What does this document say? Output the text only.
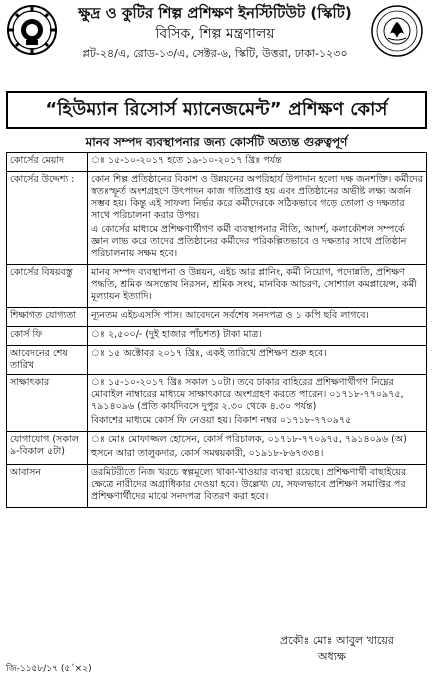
ক্ষুদ্র ও কুটির শিল্প প্রশিক্ষণ ইনস্টিটিউট (স্কিটি)
বিসিক, শিল্প মন্ত্রণালয়
প্লট-২৪/এ, রোড-১৩/এ, সেক্টর-৬, স্কিটি, উত্তরা, ঢাকা-১২৩০
“হিউম্যান রিসোর্স ম্যানেজমেন্ট” প্রশিক্ষণ কোর্স
মানব সম্পদ ব্যবস্থাপনার জন্য কোর্সটি অত্যন্ত গুরুত্বপূর্ণ
কোর্সের মেয়াদ	ঃ ১৫-১০-২০১৭ হতে ১৯-১০-২০১৭ খ্রিঃ পর্যন্ত

কোর্সের উদ্দেশ্য :	কোন শিল্প প্রতিষ্ঠানের বিকাশ ও উন্নয়নের অপরিহার্য উপাদান হলো দক্ষ জনশক্তি। কর্মীদের স্বতঃস্ফূর্ত অংশগ্রহণে উৎপাদন কাজ গতিপ্রাপ্ত হয় এবং প্রতিষ্ঠানের অভীষ্ট লক্ষ্য অর্জন সম্ভব হয়। কিন্তু এই সাফল্য নির্ভর করে কর্মীদেরকে সঠিকভাবে গড়ে তোলা ও দক্ষতার সাথে পরিচালনা করার উপর।
এ কোর্সের মাধ্যমে প্রশিক্ষণার্থীগণ কর্মী ব্যবস্থাপনার নীতি, আদর্শ, কলাকৌশল সম্পর্কে জ্ঞান লাভ করে তাদের প্রতিষ্ঠানের কর্মীদের পরিকল্পিতভাবে ও দক্ষতার সাথে প্রতিষ্ঠান পরিচালনায় সক্ষম হবে।

কোর্সের বিষয়বস্তু	মানব সম্পদ ব্যবস্থাপনা ও উন্নয়ন, এইচ আর প্লানিং, কর্মী নিয়োগ, পদোন্নতি, প্রশিক্ষণ পদ্ধতি, শ্রমিক অসন্তোষ নিরসন, শ্রমিক সংঘ, মানবিক আচরণ, সোশ্যাল কমপ্লায়েন্স, কর্মী মূল্যায়ন ইত্যাদি।

শিক্ষাগত যোগ্যতা	ন্যূনতম এইচএসসি পাস। আবেদনে সর্বশেষ সনদপত্র ও ১ কপি ছবি লাগবে।

কোর্স ফি	ঃ ২,৫০০/- (দুই হাজার পাঁচশত) টাকা মাত্র।

আবেদনের শেষ তারিখ	ঃ ১৫ অক্টোবর ২০১৭ খ্রিঃ, একই তারিখে প্রশিক্ষণ শুরু হবে।

সাক্ষাৎকার	ঃ ১৫-১০-২০১৭ খ্রিঃ সকাল ১০টা। তবে ঢাকার বাহিরের প্রশিক্ষণার্থীগণ নিম্নের মোবাইল নাম্বারের মাধ্যমে সাক্ষাৎকারে অংশগ্রহণ করতে পারেন। ০১৭১৮-৭৭০৯৭৫, ৭৯১৪০৯৬ (প্রতি কার্যদিবসে দুপুর ২.৩০ থেকে ৪.৩০ পর্যন্ত)
বিকাশের মাধ্যমে কোর্স ফি নেওয়া হয়। বিকাশ নম্বর ০১৭১৮-৭৭০৯৭৫

যোগাযোগ (সকাল ৯-বিকাল ৫টা)	ঃ মোঃ মোফাজ্জল হোসেন, কোর্স পরিচালক, ০১৭১৮-৭৭০৯৭৫, ৭৯১৪০৯৬ (অ)
হুসনে আরা তালুকদার, কোর্স সমন্বয়কারী, ০১৯১৮-৮৬৭৩৩৪।

আবাসন	ডরমিটরীতে নিজ খরচে স্বল্পমূল্যে থাকা-খাওয়ার ব্যবস্থা রয়েছে। প্রশিক্ষণার্থী বাছাইয়ের ক্ষেত্রে নারীদের অগ্রাধিকার দেওয়া হবে। উল্লেখ্য যে, সফলভাবে প্রশিক্ষণ সমাপ্তির পর প্রশিক্ষণার্থীদের মাঝে সনদপত্র বিতরণ করা হবে।
প্রকৌঃ মোঃ আবুল খায়ের
অধ্যক্ষ
জি-১১৫৮/১৭ (৫´×২)
